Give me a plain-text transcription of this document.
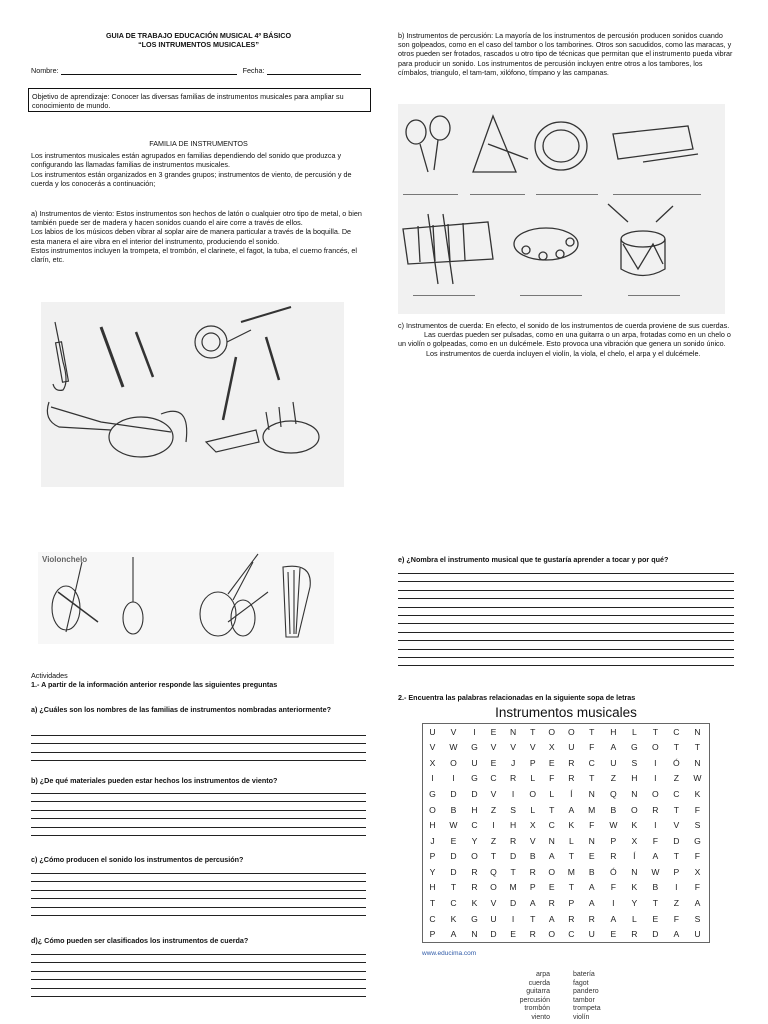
GUIA DE TRABAJO EDUCACIÓN MUSICAL 4º BÁSICO
“LOS INTRUMENTOS MUSICALES”
Nombre:	Fecha:
Objetivo de aprendizaje: Conocer las diversas familias de instrumentos musicales para ampliar su conocimiento de mundo.
FAMILIA DE INSTRUMENTOS

Los instrumentos musicales están agrupados en familias dependiendo del sonido que produzca y configurando las llamadas familias de instrumentos musicales.

Los instrumentos están organizados en 3 grandes grupos; instrumentos de viento, de percusión y de cuerda y los conocerás a continuación;

a) Instrumentos de viento: Estos instrumentos son hechos de latón o cualquier otro tipo de metal, o bien también puede ser de madera y hacen sonidos cuando el aire corre a través de ellos.

Los labios de los músicos deben vibrar al soplar aire de manera particular a través de la boquilla. De esta manera el aire vibra en el interior del instrumento, produciendo el sonido.

Estos instrumentos incluyen la trompeta, el trombón, el clarinete, el fagot, la tuba, el cuerno francés, el clarín, etc.

Violonchelo
Actividades
1.- A partir de la información anterior responde las siguientes preguntas
a) ¿Cuáles son los nombres de las familias de instrumentos nombradas anteriormente?
b) ¿De qué materiales pueden estar hechos los instrumentos de viento?
c) ¿Cómo producen el sonido los instrumentos de percusión?
d)¿ Cómo pueden ser clasificados los instrumentos de cuerda?

b) Instrumentos de percusión: La mayoría de los instrumentos de percusión producen sonidos cuando son golpeados, como en el caso del tambor o los tamborines. Otros son sacudidos, como las maracas, y otros pueden ser frotados, rascados u otro tipo de técnicas que permitan que el instrumento pueda vibrar para producir un sonido. Los instrumentos de percusión incluyen entre otros a los tambores, los címbalos, triangulo, el tam-tam, xilófono, tímpano y las campanas.

c) Instrumentos de cuerda: En efecto, el sonido de los instrumentos de cuerda proviene de sus cuerdas.

Las cuerdas pueden ser pulsadas, como en una guitarra o un arpa, frotadas como en un chelo o un violín o golpeadas, como en un dulcémele. Esto provoca una vibración que genera un sonido único.

Los instrumentos de cuerda incluyen el violín, la viola, el chelo, el arpa y el dulcémele.

e) ¿Nombra el instrumento musical que te gustaría aprender a tocar y por qué?
2.- Encuentra las palabras relacionadas en la siguiente sopa de letras
Instrumentos musicales
U	V	I	E	N	T	O	O	T	H	L	T	C	N
V	W	G	V	V	V	X	U	F	A	G	O	T	T
X	O	U	E	J	P	E	R	C	U	S	I	Ó	N
I	I	G	C	R	L	F	R	T	Z	H	I	Z	W
G	D	D	V	I	O	L	Í	N	Q	N	O	C	K
O	B	H	Z	S	L	T	A	M	B	O	R	T	F
H	W	C	I	H	X	C	K	F	W	K	I	V	S
J	E	Y	Z	R	V	N	L	N	P	X	F	D	G
P	D	O	T	D	B	A	T	E	R	Í	A	T	F
Y	D	R	Q	T	R	O	M	B	Ó	N	W	P	X
H	T	R	O	M	P	E	T	A	F	K	B	I	F
T	C	K	V	D	A	R	P	A	I	Y	T	Z	A
C	K	G	U	I	T	A	R	R	A	L	E	F	S
P	A	N	D	E	R	O	C	U	E	R	D	A	U
www.educima.com
arpa
cuerda
guitarra
percusión
trombón
viento
batería
fagot
pandero
tambor
trompeta
violín
